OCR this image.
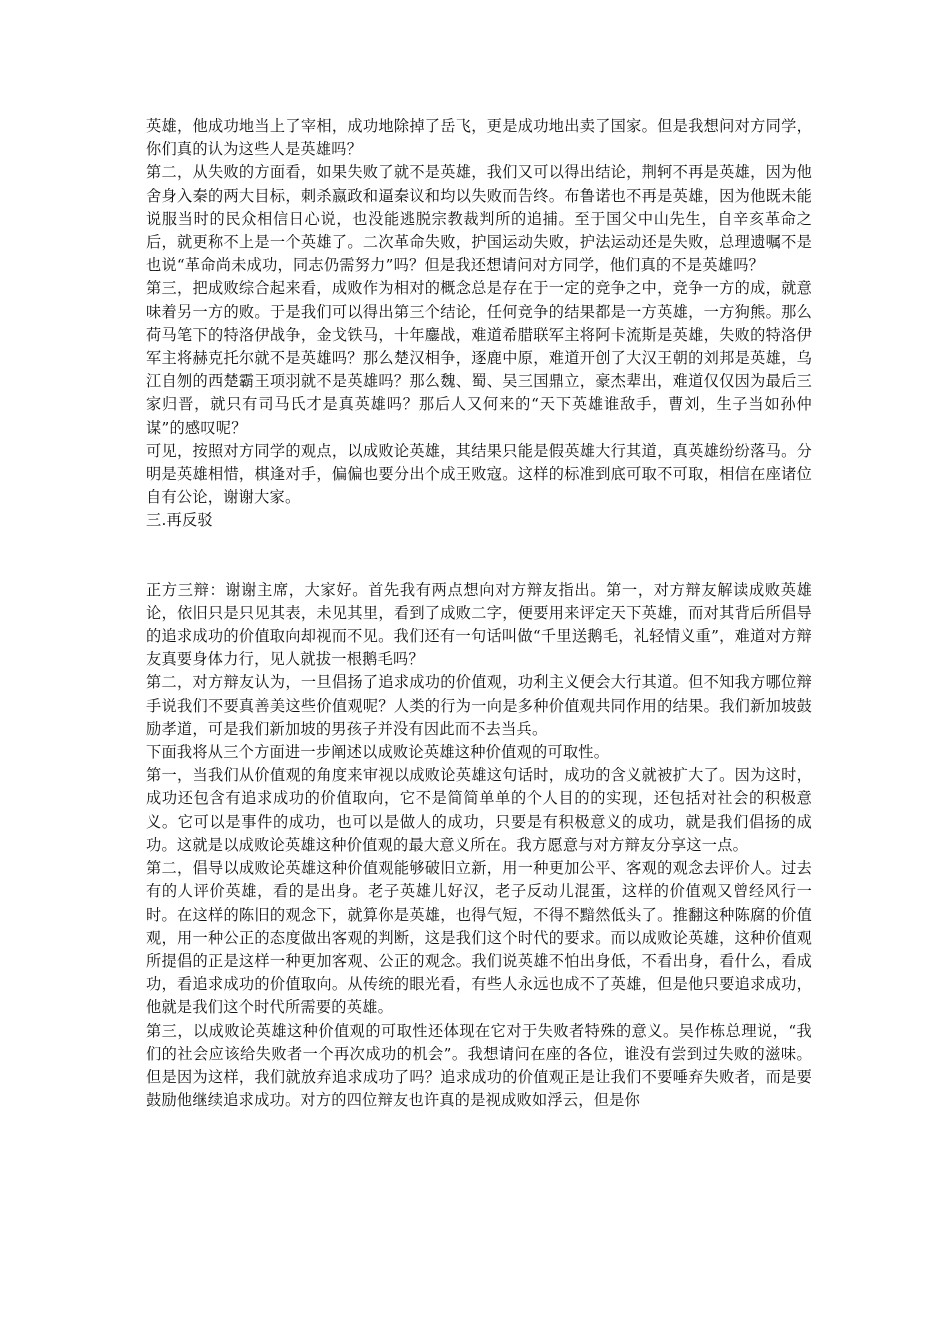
英雄，他成功地当上了宰相，成功地除掉了岳飞，更是成功地出卖了国家。但是我想问对方同学，你们真的认为这些人是英雄吗？

第二，从失败的方面看，如果失败了就不是英雄，我们又可以得出结论，荆轲不再是英雄，因为他舍身入秦的两大目标，刺杀嬴政和逼秦议和均以失败而告终。布鲁诺也不再是英雄，因为他既未能说服当时的民众相信日心说，也没能逃脱宗教裁判所的追捕。至于国父中山先生，自辛亥革命之后，就更称不上是一个英雄了。二次革命失败，护国运动失败，护法运动还是失败，总理遗嘱不是也说“革命尚未成功，同志仍需努力”吗？但是我还想请问对方同学，他们真的不是英雄吗？

第三，把成败综合起来看，成败作为相对的概念总是存在于一定的竞争之中，竞争一方的成，就意味着另一方的败。于是我们可以得出第三个结论，任何竞争的结果都是一方英雄，一方狗熊。那么荷马笔下的特洛伊战争，金戈铁马，十年鏖战，难道希腊联军主将阿卡流斯是英雄，失败的特洛伊军主将赫克托尔就不是英雄吗？那么楚汉相争，逐鹿中原，难道开创了大汉王朝的刘邦是英雄，乌江自刎的西楚霸王项羽就不是英雄吗？那么魏、蜀、吴三国鼎立，豪杰辈出，难道仅仅因为最后三家归晋，就只有司马氏才是真英雄吗？那后人又何来的“天下英雄谁敌手，曹刘，生子当如孙仲谋”的感叹呢？

可见，按照对方同学的观点，以成败论英雄，其结果只能是假英雄大行其道，真英雄纷纷落马。分明是英雄相惜，棋逢对手，偏偏也要分出个成王败寇。这样的标准到底可取不可取，相信在座诸位自有公论，谢谢大家。

三.再反驳

正方三辩：谢谢主席，大家好。首先我有两点想向对方辩友指出。第一，对方辩友解读成败英雄论，依旧只是只见其表，未见其里，看到了成败二字，便要用来评定天下英雄，而对其背后所倡导的追求成功的价值取向却视而不见。我们还有一句话叫做“千里送鹅毛，礼轻情义重”，难道对方辩友真要身体力行，见人就拔一根鹅毛吗？

第二，对方辩友认为，一旦倡扬了追求成功的价值观，功利主义便会大行其道。但不知我方哪位辩手说我们不要真善美这些价值观呢？人类的行为一向是多种价值观共同作用的结果。我们新加坡鼓励孝道，可是我们新加坡的男孩子并没有因此而不去当兵。

下面我将从三个方面进一步阐述以成败论英雄这种价值观的可取性。

第一，当我们从价值观的角度来审视以成败论英雄这句话时，成功的含义就被扩大了。因为这时，成功还包含有追求成功的价值取向，它不是简简单单的个人目的的实现，还包括对社会的积极意义。它可以是事件的成功，也可以是做人的成功，只要是有积极意义的成功，就是我们倡扬的成功。这就是以成败论英雄这种价值观的最大意义所在。我方愿意与对方辩友分享这一点。

第二，倡导以成败论英雄这种价值观能够破旧立新，用一种更加公平、客观的观念去评价人。过去有的人评价英雄，看的是出身。老子英雄儿好汉，老子反动儿混蛋，这样的价值观又曾经风行一时。在这样的陈旧的观念下，就算你是英雄，也得气短，不得不黯然低头了。推翻这种陈腐的价值观，用一种公正的态度做出客观的判断，这是我们这个时代的要求。而以成败论英雄，这种价值观所提倡的正是这样一种更加客观、公正的观念。我们说英雄不怕出身低，不看出身，看什么，看成功，看追求成功的价值取向。从传统的眼光看，有些人永远也成不了英雄，但是他只要追求成功，他就是我们这个时代所需要的英雄。

第三，以成败论英雄这种价值观的可取性还体现在它对于失败者特殊的意义。吴作栋总理说，“我们的社会应该给失败者一个再次成功的机会”。我想请问在座的各位，谁没有尝到过失败的滋味。但是因为这样，我们就放弃追求成功了吗？追求成功的价值观正是让我们不要唾弃失败者，而是要鼓励他继续追求成功。对方的四位辩友也许真的是视成败如浮云，但是你
